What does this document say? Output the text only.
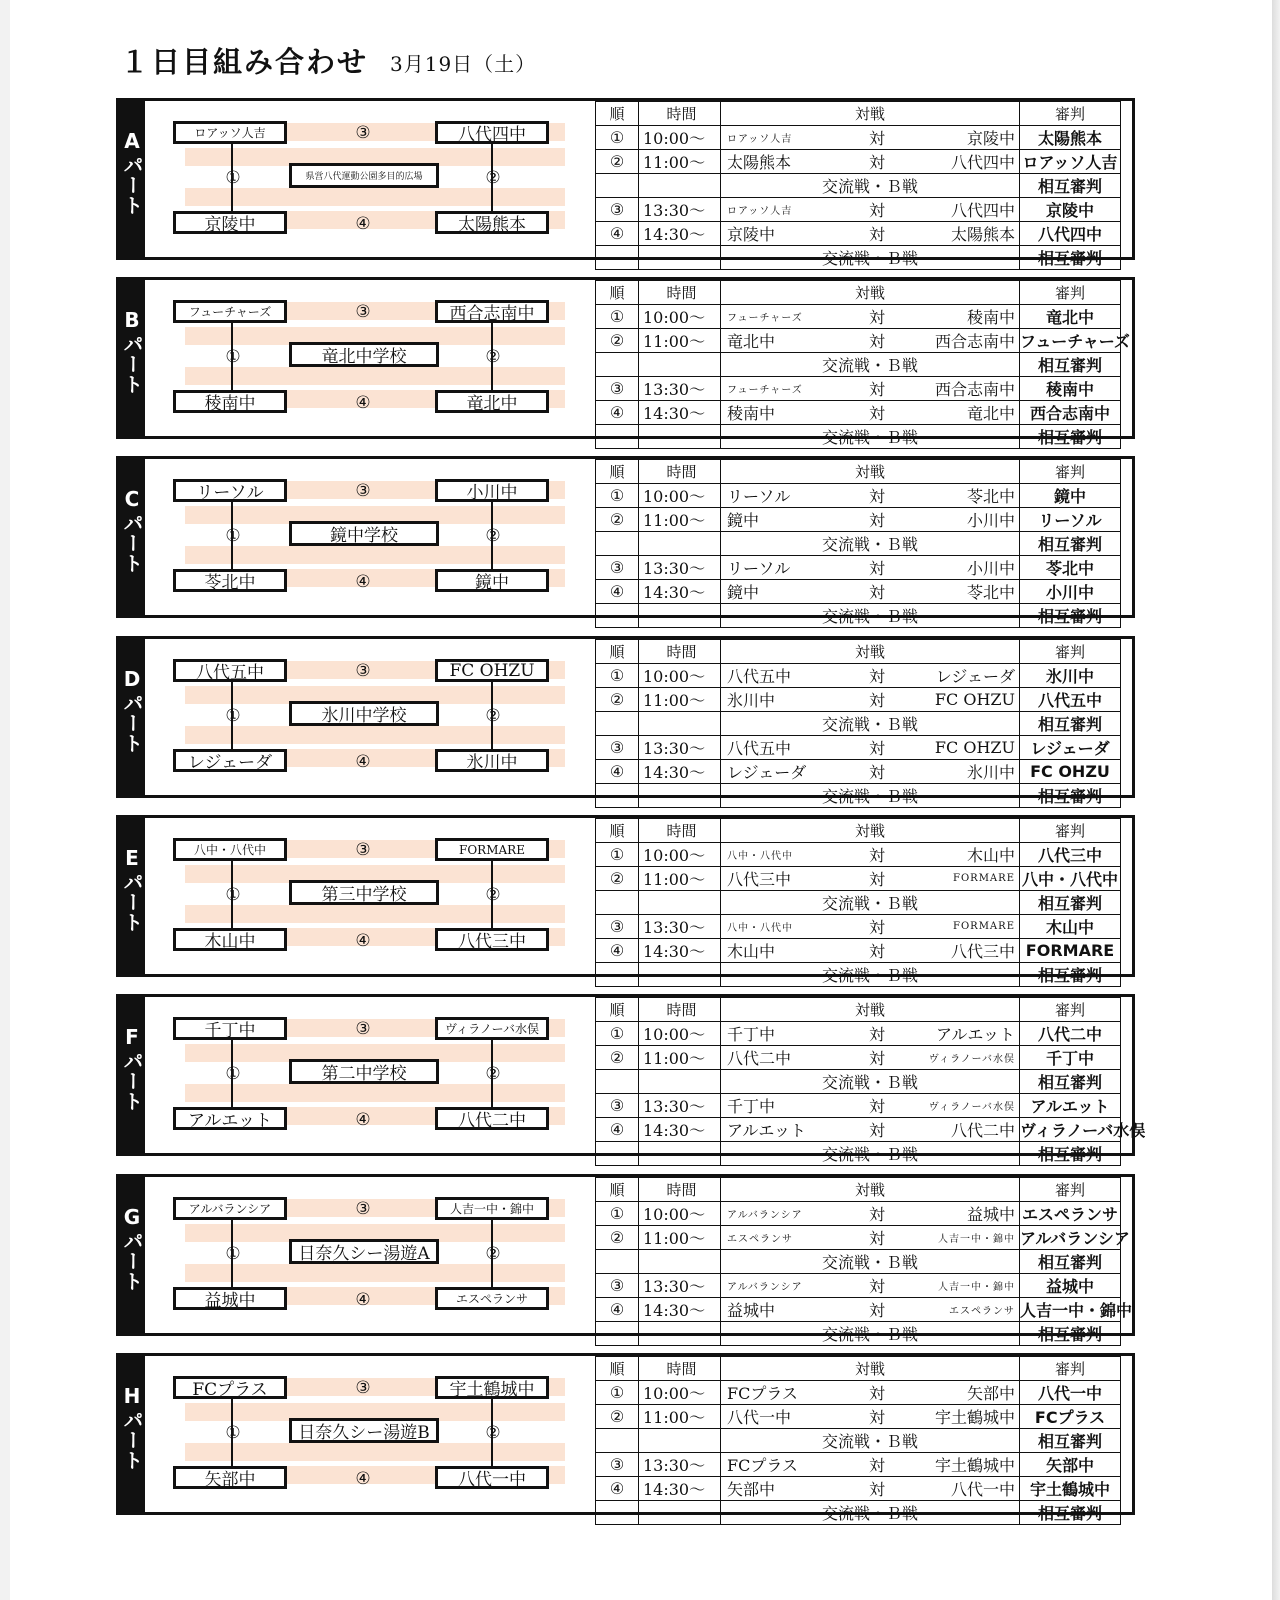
１日目組み合わせ 3月19日（土）
A
パート
ロアッソ人吉	八代四中
京陵中	太陽熊本
③
④
①	②
県営八代運動公園多目的広場
順	時間	対戦	審判
①	10:00～	ロアッソ人吉 対 京陵中	太陽熊本
②	11:00～	太陽熊本 対 八代四中	ロアッソ人吉
		交流戦・Ｂ戦	相互審判
③	13:30～	ロアッソ人吉 対 八代四中	京陵中
④	14:30～	京陵中 対 太陽熊本	八代四中
		交流戦・Ｂ戦	相互審判
B
パート
フューチャーズ	西合志南中
稜南中	竜北中
③
④
①	②
竜北中学校
順	時間	対戦	審判
①	10:00～	フューチャーズ 対 稜南中	竜北中
②	11:00～	竜北中 対 西合志南中	フューチャーズ
		交流戦・Ｂ戦	相互審判
③	13:30～	フューチャーズ 対 西合志南中	稜南中
④	14:30～	稜南中 対 竜北中	西合志南中
		交流戦・Ｂ戦	相互審判
C
パート
リーソル	小川中
苓北中	鏡中
③
④
①	②
鏡中学校
順	時間	対戦	審判
①	10:00～	リーソル 対 苓北中	鏡中
②	11:00～	鏡中 対 小川中	リーソル
		交流戦・Ｂ戦	相互審判
③	13:30～	リーソル 対 小川中	苓北中
④	14:30～	鏡中 対 苓北中	小川中
		交流戦・Ｂ戦	相互審判
D
パート
八代五中	FC OHZU
レジェーダ	氷川中
③
④
①	②
氷川中学校
順	時間	対戦	審判
①	10:00～	八代五中 対 レジェーダ	氷川中
②	11:00～	氷川中 対 FC OHZU	八代五中
		交流戦・Ｂ戦	相互審判
③	13:30～	八代五中 対 FC OHZU	レジェーダ
④	14:30～	レジェーダ 対 氷川中	FC OHZU
		交流戦・Ｂ戦	相互審判
E
パート
八中・八代中	FORMARE
木山中	八代三中
③
④
①	②
第三中学校
順	時間	対戦	審判
①	10:00～	八中・八代中 対 木山中	八代三中
②	11:00～	八代三中 対 FORMARE	八中・八代中
		交流戦・Ｂ戦	相互審判
③	13:30～	八中・八代中 対 FORMARE	木山中
④	14:30～	木山中 対 八代三中	FORMARE
		交流戦・Ｂ戦	相互審判
F
パート
千丁中	ヴィラノーバ水俣
アルエット	八代二中
③
④
①	②
第二中学校
順	時間	対戦	審判
①	10:00～	千丁中 対 アルエット	八代二中
②	11:00～	八代二中 対 ヴィラノーバ水俣	千丁中
		交流戦・Ｂ戦	相互審判
③	13:30～	千丁中 対 ヴィラノーバ水俣	アルエット
④	14:30～	アルエット 対 八代二中	ヴィラノーバ水俣
		交流戦・Ｂ戦	相互審判
G
パート
アルバランシア	人吉一中・錦中
益城中	エスペランサ
③
④
①	②
日奈久シー湯遊A
順	時間	対戦	審判
①	10:00～	アルバランシア 対 益城中	エスペランサ
②	11:00～	エスペランサ 対 人吉一中・錦中	アルバランシア
		交流戦・Ｂ戦	相互審判
③	13:30～	アルバランシア 対 人吉一中・錦中	益城中
④	14:30～	益城中 対 エスペランサ	人吉一中・錦中
		交流戦・Ｂ戦	相互審判
H
パート
FCプラス	宇土鶴城中
矢部中	八代一中
③
④
①	②
日奈久シー湯遊B
順	時間	対戦	審判
①	10:00～	FCプラス 対 矢部中	八代一中
②	11:00～	八代一中 対 宇土鶴城中	FCプラス
		交流戦・Ｂ戦	相互審判
③	13:30～	FCプラス 対 宇土鶴城中	矢部中
④	14:30～	矢部中 対 八代一中	宇土鶴城中
		交流戦・Ｂ戦	相互審判
